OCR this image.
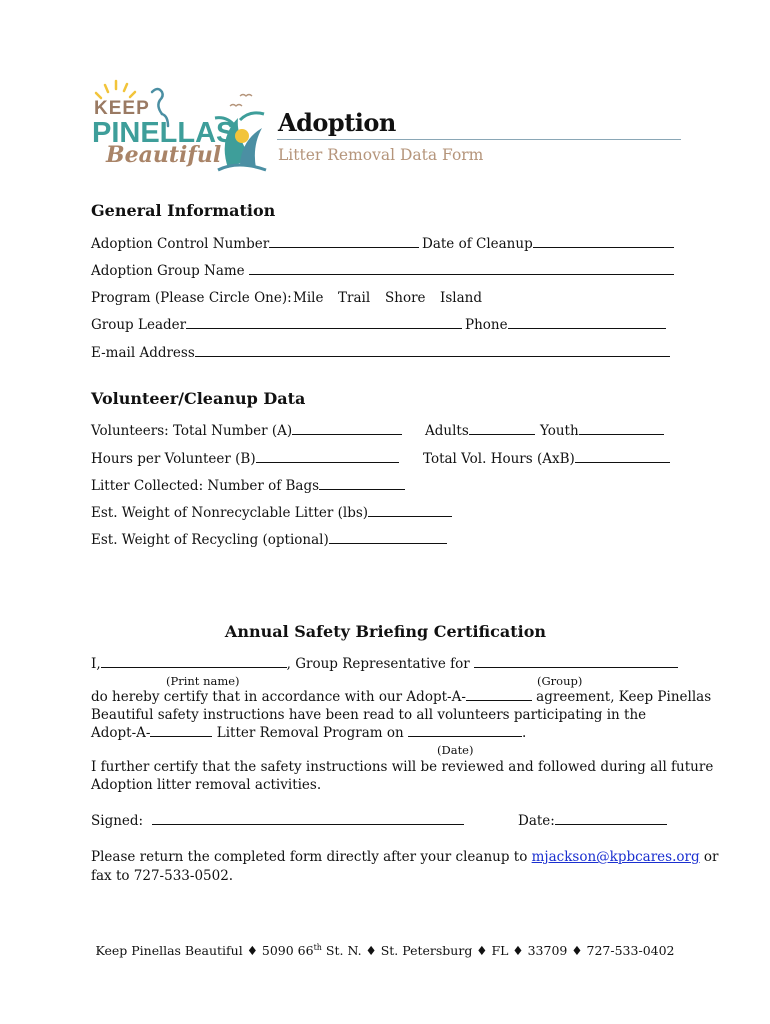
KEEP
PINELLAS
Beautiful
Adoption
Litter Removal Data Form
General Information
Adoption Control Number	Date of Cleanup
Adoption Group Name
Program (Please Circle One): Mile Trail Shore Island
Group Leader	Phone
E-mail Address
Volunteer/Cleanup Data
Volunteers: Total Number (A)	Adults	Youth
Hours per Volunteer (B)	Total Vol. Hours (AxB)
Litter Collected: Number of Bags
Est. Weight of Nonrecyclable Litter (lbs)
Est. Weight of Recycling (optional)
Annual Safety Briefing Certification
I,	, Group Representative for
(Print name)	(Group)
do hereby certify that in accordance with our Adopt-A-	agreement, Keep Pinellas
Beautiful safety instructions have been read to all volunteers participating in the
Adopt-A-	Litter Removal Program on	.
(Date)
I further certify that the safety instructions will be reviewed and followed during all future
Adoption litter removal activities.
Signed:	Date:
Please return the completed form directly after your cleanup to mjackson@kpbcares.org or
fax to 727-533-0502.
Keep Pinellas Beautiful ♦ 5090 66th St. N. ♦ St. Petersburg ♦ FL ♦ 33709 ♦ 727-533-0402
